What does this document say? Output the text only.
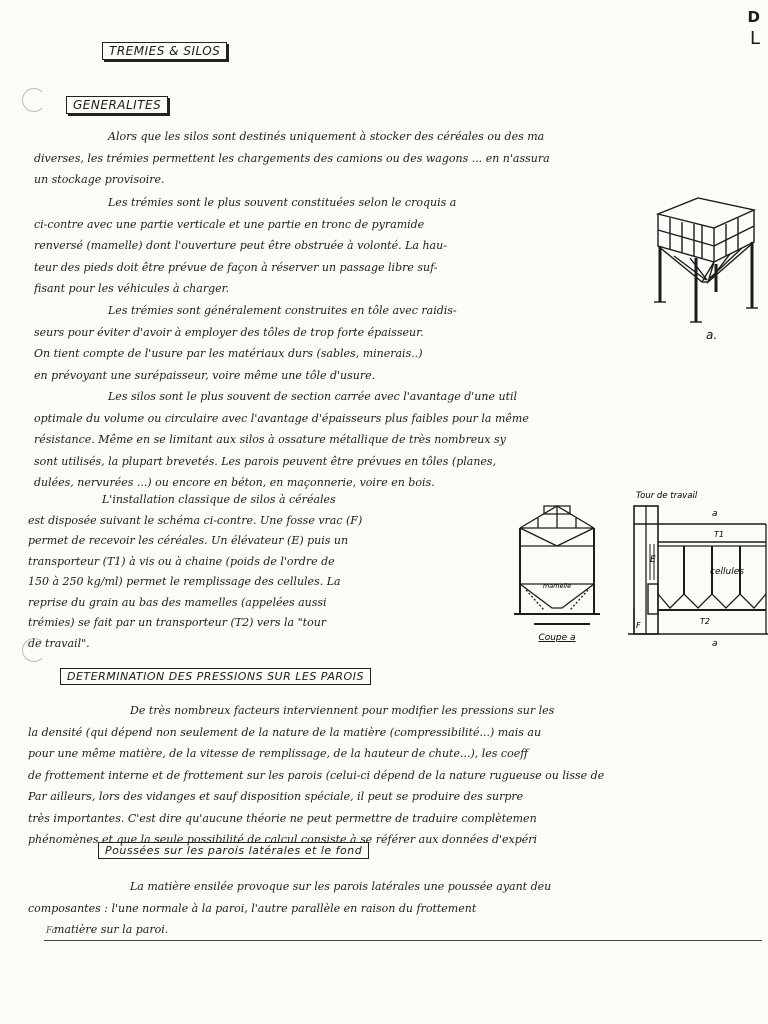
D
L
TREMIES & SILOS
GENERALITES
Alors que les silos sont destinés uniquement à stocker des céréales ou des ma
diverses, les trémies permettent les chargements des camions ou des wagons ... en n'assura
un stockage provisoire.
Les trémies sont le plus souvent constituées selon le croquis a
ci-contre avec une partie verticale et une partie en tronc de pyramide
renversé (mamelle) dont l'ouverture peut être obstruée à volonté. La hau-
teur des pieds doit être prévue de façon à réserver un passage libre suf-
fisant pour les véhicules à charger.
a.
Les trémies sont généralement construites en tôle avec raidis-
seurs pour éviter d'avoir à employer des tôles de trop forte épaisseur.
On tient compte de l'usure par les matériaux durs (sables, minerais..)
en prévoyant une surépaisseur, voire même une tôle d'usure.
Les silos sont le plus souvent de section carrée avec l'avantage d'une util
optimale du volume ou circulaire avec l'avantage d'épaisseurs plus faibles pour la même
résistance. Même en se limitant aux silos à ossature métallique de très nombreux sy
sont utilisés, la plupart brevetés. Les parois peuvent être prévues en tôles (planes,
dulées, nervurées ...) ou encore en béton, en maçonnerie, voire en bois.
L'installation classique de silos à céréales
est disposée suivant le schéma ci-contre. Une fosse vrac (F)
permet de recevoir les céréales. Un élévateur (E) puis un
transporteur (T1) à vis ou à chaine (poids de l'ordre de
150 à 250 kg/ml) permet le remplissage des cellules. La
reprise du grain au bas des mamelles (appelées aussi
trémies) se fait par un transporteur (T2) vers la "tour
de travail".
mamelle
Coupe a
Tour de travail
cellules
T1
T2
E
F
a
a
DETERMINATION DES PRESSIONS SUR LES PAROIS
De très nombreux facteurs interviennent pour modifier les pressions sur les
la densité (qui dépend non seulement de la nature de la matière (compressibilité...) mais au
pour une même matière, de la vitesse de remplissage, de la hauteur de chute...), les coeff
de frottement interne et de frottement sur les parois (celui-ci dépend de la nature rugueuse ou lisse de
Par ailleurs, lors des vidanges et sauf disposition spéciale, il peut se produire des surpre
très importantes. C'est dire qu'aucune théorie ne peut permettre de traduire complètemen
phénomènes et que la seule possibilité de calcul consiste à se référer aux données d'expéri
Poussées sur les parois latérales et le fond
La matière ensilée provoque sur les parois latérales une poussée ayant deu
composantes : l'une normale à la paroi, l'autre parallèle en raison du frottement
matière sur la paroi.
Fa
